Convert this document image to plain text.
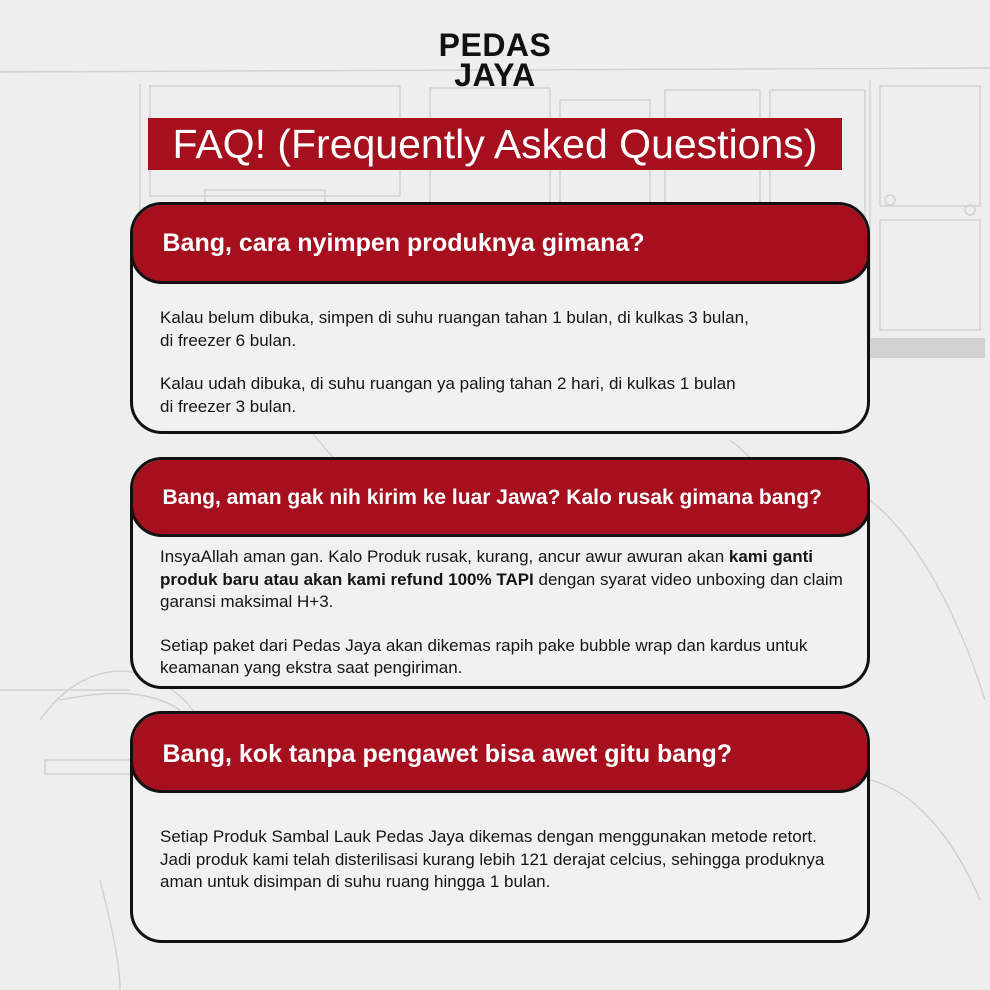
PEDAS
JAYA
FAQ! (Frequently Asked Questions)
Bang, cara nyimpen produknya gimana?

Kalau belum dibuka, simpen di suhu ruangan tahan 1 bulan, di kulkas 3 bulan,
di freezer 6 bulan.

Kalau udah dibuka, di suhu ruangan ya paling tahan 2 hari, di kulkas 1 bulan
di freezer 3 bulan.

Bang, aman gak nih kirim ke luar Jawa? Kalo rusak gimana bang?

InsyaAllah aman gan. Kalo Produk rusak, kurang, ancur awur awuran akan kami ganti produk baru atau akan kami refund 100% TAPI dengan syarat video unboxing dan claim garansi maksimal H+3.

Setiap paket dari Pedas Jaya akan dikemas rapih pake bubble wrap dan kardus untuk keamanan yang ekstra saat pengiriman.

Bang, kok tanpa pengawet bisa awet gitu bang?

Setiap Produk Sambal Lauk Pedas Jaya dikemas dengan menggunakan metode retort. Jadi produk kami telah disterilisasi kurang lebih 121 derajat celcius, sehingga produknya aman untuk disimpan di suhu ruang hingga 1 bulan.
